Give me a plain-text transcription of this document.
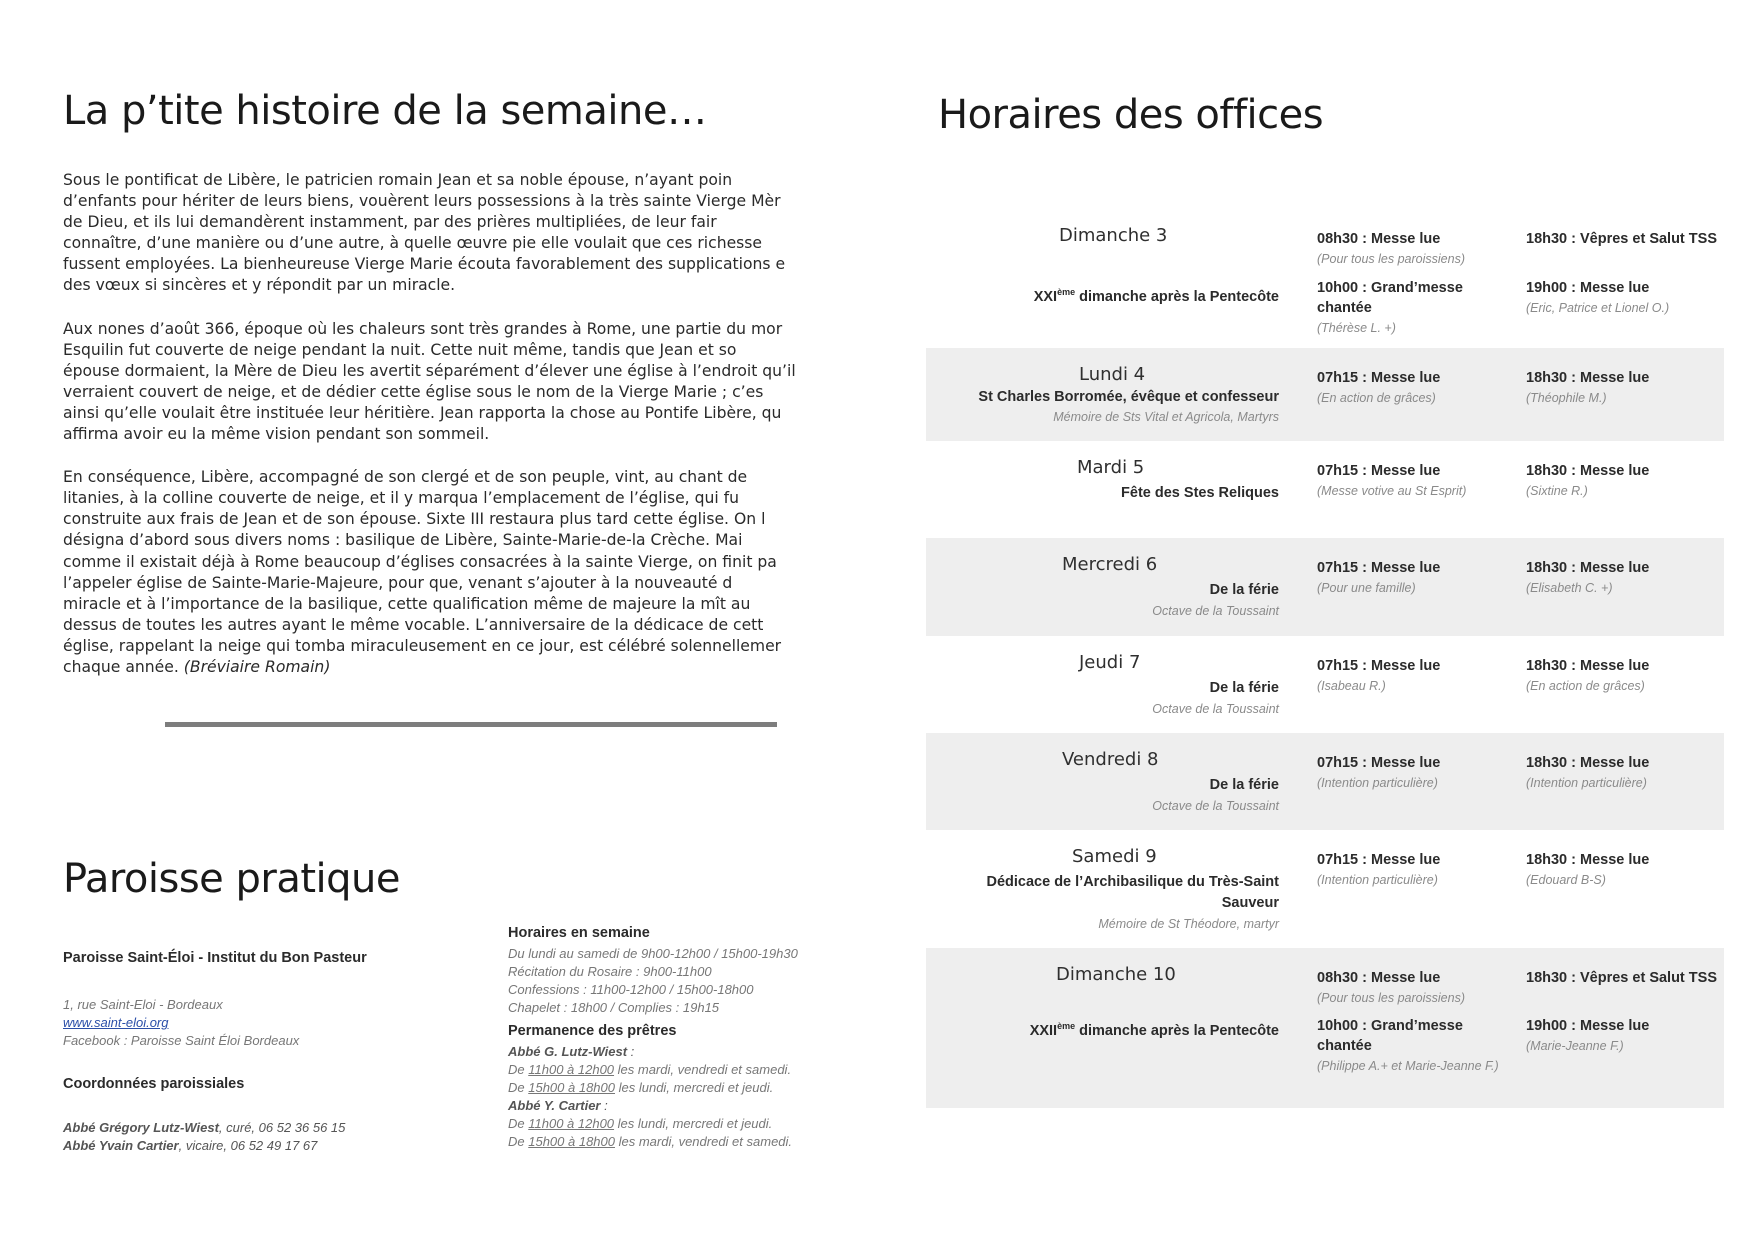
La p’tite histoire de la semaine…

Sous le pontificat de Libère, le patricien romain Jean et sa noble épouse, n’ayant poin
d’enfants pour hériter de leurs biens, vouèrent leurs possessions à la très sainte Vierge Mèr
de Dieu, et ils lui demandèrent instamment, par des prières multipliées, de leur fair
connaître, d’une manière ou d’une autre, à quelle œuvre pie elle voulait que ces richesse
fussent employées. La bienheureuse Vierge Marie écouta favorablement des supplications e
des vœux si sincères et y répondit par un miracle.

Aux nones d’août 366, époque où les chaleurs sont très grandes à Rome, une partie du mor
Esquilin fut couverte de neige pendant la nuit. Cette nuit même, tandis que Jean et so
épouse dormaient, la Mère de Dieu les avertit séparément d’élever une église à l’endroit qu’il
verraient couvert de neige, et de dédier cette église sous le nom de la Vierge Marie ; c’es
ainsi qu’elle voulait être instituée leur héritière. Jean rapporta la chose au Pontife Libère, qu
affirma avoir eu la même vision pendant son sommeil.

En conséquence, Libère, accompagné de son clergé et de son peuple, vint, au chant de
litanies, à la colline couverte de neige, et il y marqua l’emplacement de l’église, qui fu
construite aux frais de Jean et de son épouse. Sixte III restaura plus tard cette église. On l
désigna d’abord sous divers noms : basilique de Libère, Sainte-Marie-de-la Crèche. Mai
comme il existait déjà à Rome beaucoup d’églises consacrées à la sainte Vierge, on finit pa
l’appeler église de Sainte-Marie-Majeure, pour que, venant s’ajouter à la nouveauté d
miracle et à l’importance de la basilique, cette qualification même de majeure la mît au
dessus de toutes les autres ayant le même vocable. L’anniversaire de la dédicace de cett
église, rappelant la neige qui tomba miraculeusement en ce jour, est célébré solennellemer
chaque année. (Bréviaire Romain)

Paroisse pratique
Paroisse Saint-Éloi - Institut du Bon Pasteur
1, rue Saint-Eloi - Bordeaux
www.saint-eloi.org
Facebook : Paroisse Saint Éloi Bordeaux
Coordonnées paroissiales
Abbé Grégory Lutz-Wiest, curé, 06 52 36 56 15
Abbé Yvain Cartier, vicaire, 06 52 49 17 67
Horaires en semaine
Du lundi au samedi de 9h00-12h00 / 15h00-19h30
Récitation du Rosaire : 9h00-11h00
Confessions : 11h00-12h00 / 15h00-18h00
Chapelet : 18h00 / Complies : 19h15
Permanence des prêtres
Abbé G. Lutz-Wiest :
De 11h00 à 12h00 les mardi, vendredi et samedi.
De 15h00 à 18h00 les lundi, mercredi et jeudi.
Abbé Y. Cartier :
De 11h00 à 12h00 les lundi, mercredi et jeudi.
De 15h00 à 18h00 les mardi, vendredi et samedi.
Horaires des offices
Dimanche 3
XXIème dimanche après la Pentecôte
08h30 : Messe lue
(Pour tous les paroissiens)
10h00 : Grand’messe chantée
(Thérèse L. +)
18h30 : Vêpres et Salut TSS
19h00 : Messe lue
(Eric, Patrice et Lionel O.)
Lundi 4
St Charles Borromée, évêque et confesseur
Mémoire de Sts Vital et Agricola, Martyrs
07h15 : Messe lue
(En action de grâces)
18h30 : Messe lue
(Théophile M.)
Mardi 5
Fête des Stes Reliques
07h15 : Messe lue
(Messe votive au St Esprit)
18h30 : Messe lue
(Sixtine R.)
Mercredi 6
De la férie
Octave de la Toussaint
07h15 : Messe lue
(Pour une famille)
18h30 : Messe lue
(Elisabeth C. +)
Jeudi 7
De la férie
Octave de la Toussaint
07h15 : Messe lue
(Isabeau R.)
18h30 : Messe lue
(En action de grâces)
Vendredi 8
De la férie
Octave de la Toussaint
07h15 : Messe lue
(Intention particulière)
18h30 : Messe lue
(Intention particulière)
Samedi 9
Dédicace de l’Archibasilique du Très-Saint Sauveur
Mémoire de St Théodore, martyr
07h15 : Messe lue
(Intention particulière)
18h30 : Messe lue
(Edouard B-S)
Dimanche 10
XXIIème dimanche après la Pentecôte
08h30 : Messe lue
(Pour tous les paroissiens)
10h00 : Grand’messe chantée
(Philippe A.+ et Marie-Jeanne F.)
18h30 : Vêpres et Salut TSS
19h00 : Messe lue
(Marie-Jeanne F.)
